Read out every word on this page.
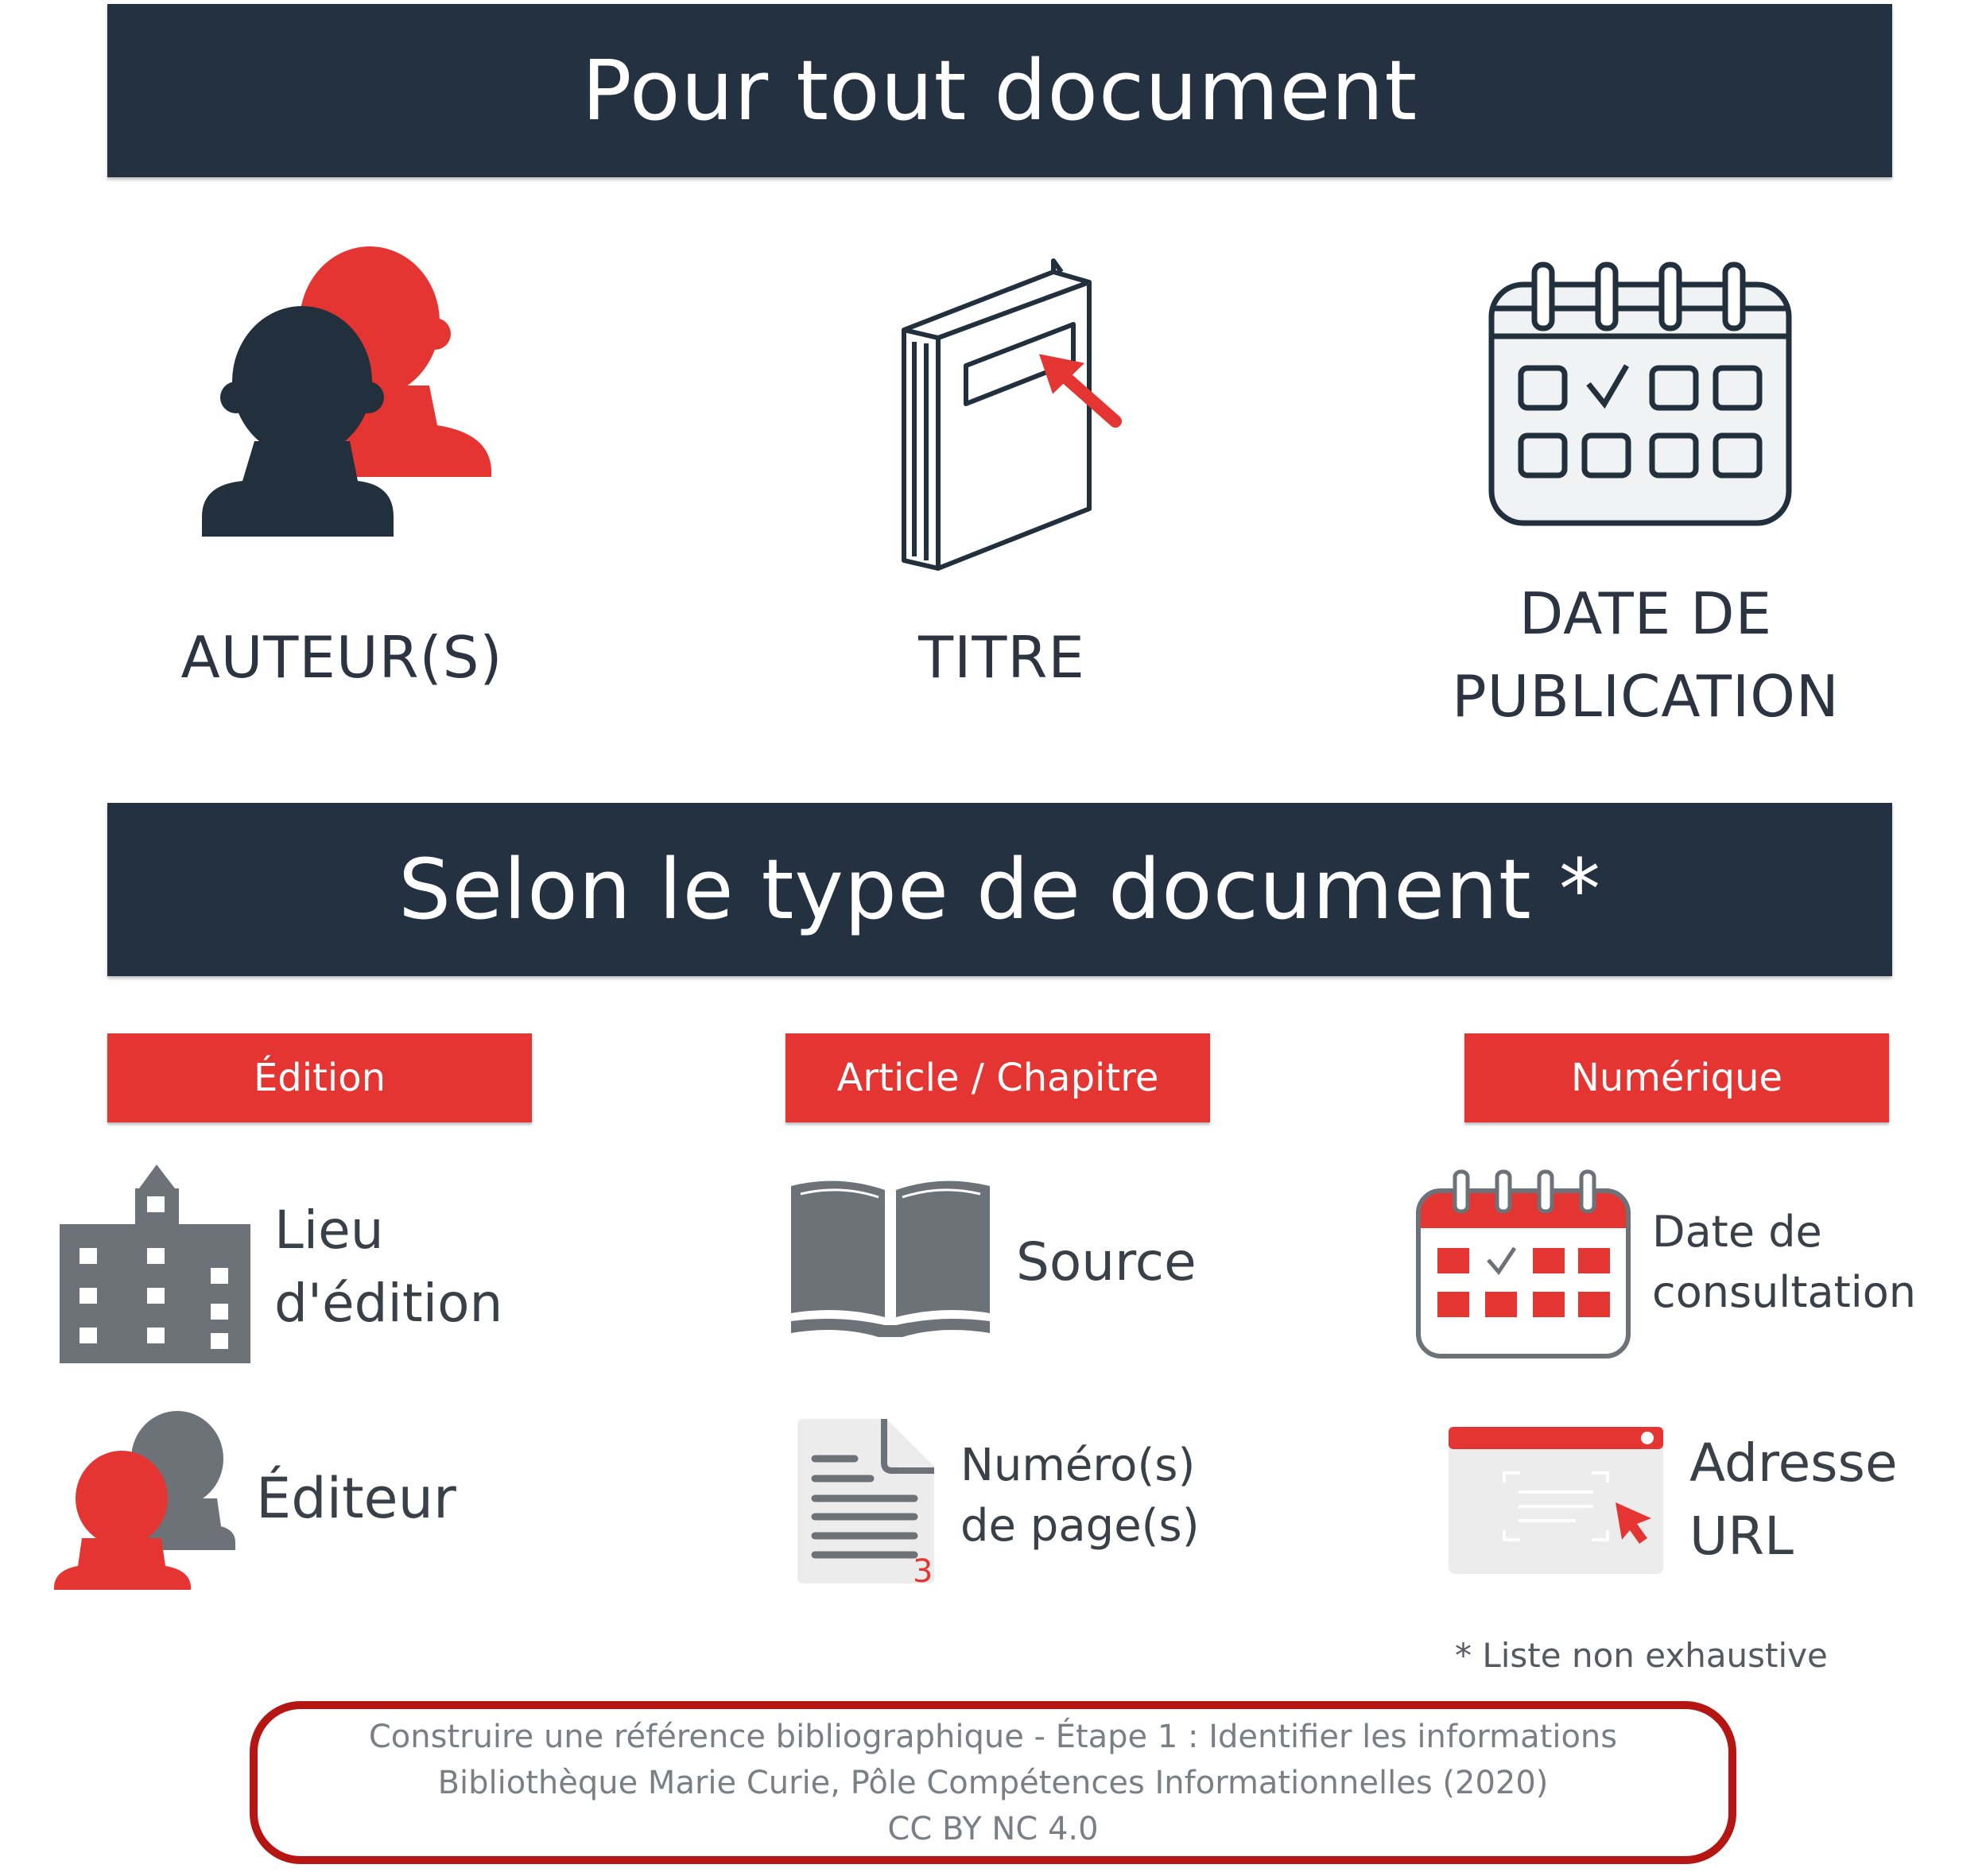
Pour tout document
AUTEUR(S)	TITRE
DATE DE
PUBLICATION
Selon le type de document *
Édition	Article / Chapitre	Numérique
Lieu
d'édition
Éditeur
Source
3
Numéro(s)
de page(s)
Date de
consultation
Adresse
URL
* Liste non exhaustive
Construire une référence bibliographique - Étape 1 : Identifier les informations
Bibliothèque Marie Curie, Pôle Compétences Informationnelles (2020)
CC BY NC 4.0
